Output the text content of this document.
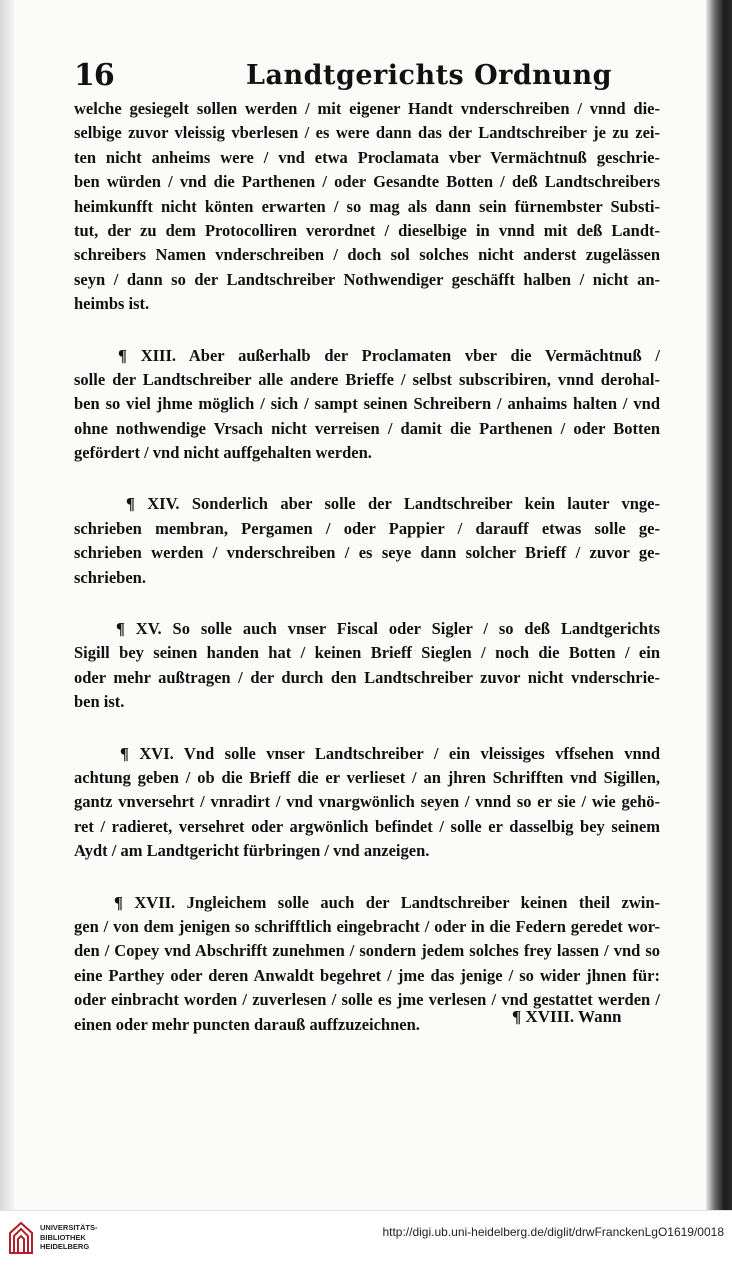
16	Landtgerichts Ordnung
welche gesiegelt sollen werden / mit eigener Handt vnderschreiben / vnnd die-
selbige zuvor vleissig vberlesen / es were dann das der Landtschreiber je zu zei-
ten nicht anheims were / vnd etwa Proclamata vber Vermächtnuß geschrie-
ben würden / vnd die Parthenen / oder Gesandte Botten / deß Landtschreibers
heimkunfft nicht könten erwarten / so mag als dann sein fürnembster Substi-
tut, der zu dem Protocolliren verordnet / dieselbige in vnnd mit deß Landt-
schreibers Namen vnderschreiben / doch sol solches nicht anderst zugelässen
seyn / dann so der Landtschreiber Nothwendiger geschäfft halben / nicht an-
heimbs ist.
¶ XIII. Aber außerhalb der Proclamaten vber die Vermächtnuß /
solle der Landtschreiber alle andere Brieffe / selbst subscribiren, vnnd derohal-
ben so viel jhme möglich / sich / sampt seinen Schreibern / anhaims halten / vnd
ohne nothwendige Vrsach nicht verreisen / damit die Parthenen / oder Botten
gefördert / vnd nicht auffgehalten werden.
¶ XIV. Sonderlich aber solle der Landtschreiber kein lauter vnge-
schrieben membran, Pergamen / oder Pappier / darauff etwas solle ge-
schrieben werden / vnderschreiben / es seye dann solcher Brieff / zuvor ge-
schrieben.
¶ XV. So solle auch vnser Fiscal oder Sigler / so deß Landtgerichts
Sigill bey seinen handen hat / keinen Brieff Sieglen / noch die Botten / ein
oder mehr außtragen / der durch den Landtschreiber zuvor nicht vnderschrie-
ben ist.
¶ XVI. Vnd solle vnser Landtschreiber / ein vleissiges vffsehen vnnd
achtung geben / ob die Brieff die er verlieset / an jhren Schrifften vnd Sigillen,
gantz vnversehrt / vnradirt / vnd vnargwönlich seyen / vnnd so er sie / wie gehö-
ret / radieret, versehret oder argwönlich befindet / solle er dasselbig bey seinem
Aydt / am Landtgericht fürbringen / vnd anzeigen.
¶ XVII. Jngleichem solle auch der Landtschreiber keinen theil zwin-
gen / von dem jenigen so schrifftlich eingebracht / oder in die Federn geredet wor-
den / Copey vnd Abschrifft zunehmen / sondern jedem solches frey lassen / vnd so
eine Parthey oder deren Anwaldt begehret / jme das jenige / so wider jhnen für:
oder einbracht worden / zuverlesen / solle es jme verlesen / vnd gestattet werden /
einen oder mehr puncten darauß auffzuzeichnen.	¶ XVIII. Wann
UNIVERSITÄTS-
BIBLIOTHEK
HEIDELBERG
http://digi.ub.uni-heidelberg.de/diglit/drwFranckenLgO1619/0018
